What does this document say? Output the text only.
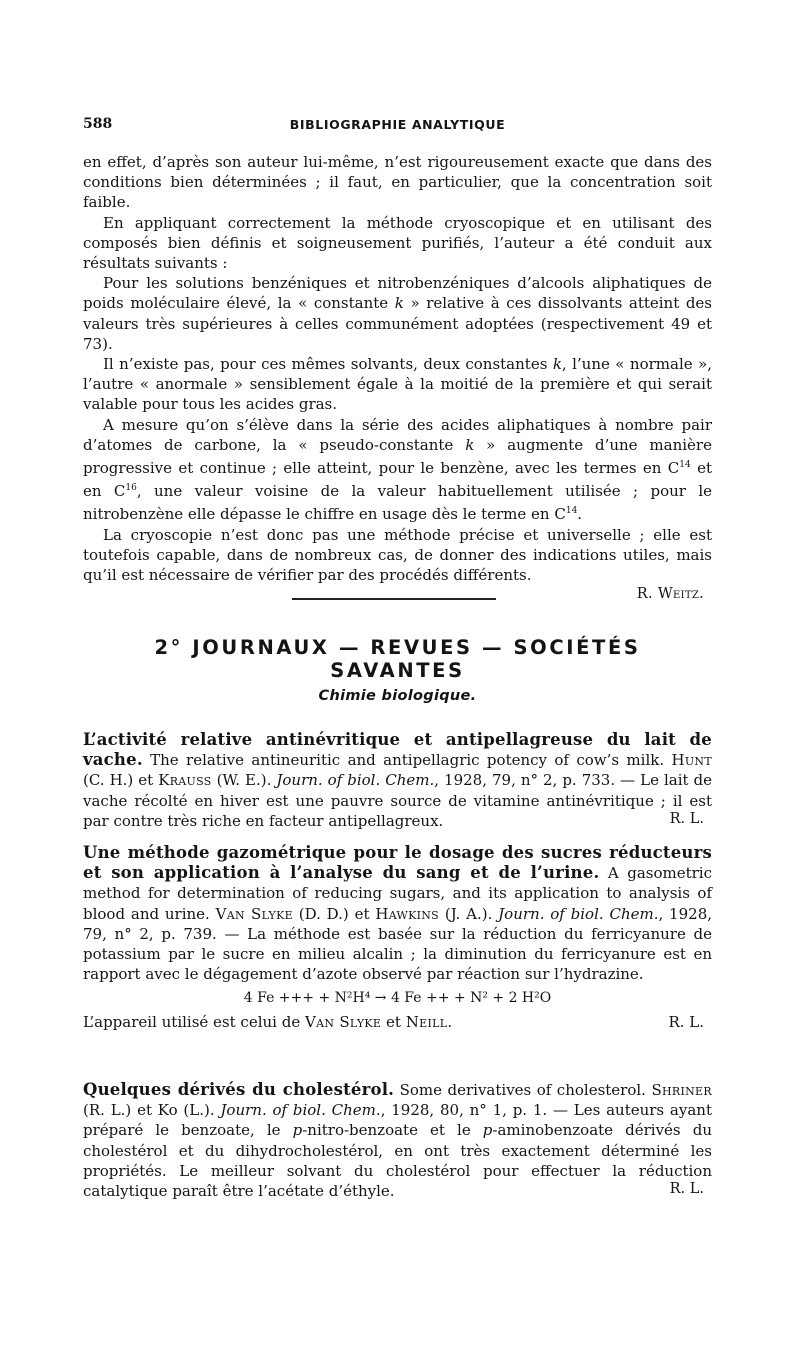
588	BIBLIOGRAPHIE ANALYTIQUE

en effet, d’après son auteur lui-même, n’est rigoureusement exacte que dans des conditions bien déterminées ; il faut, en particulier, que la concentration soit faible.

En appliquant correctement la méthode cryoscopique et en utilisant des composés bien définis et soigneusement purifiés, l’auteur a été conduit aux résultats suivants :

Pour les solutions benzéniques et nitrobenzéniques d’alcools aliphatiques de poids moléculaire élevé, la « constante k » relative à ces dissolvants atteint des valeurs très supérieures à celles communément adoptées (respectivement 49 et 73).

Il n’existe pas, pour ces mêmes solvants, deux constantes k, l’une « normale », l’autre « anormale » sensiblement égale à la moitié de la première et qui serait valable pour tous les acides gras.

A mesure qu’on s’élève dans la série des acides aliphatiques à nombre pair d’atomes de carbone, la « pseudo-constante k » augmente d’une manière progressive et continue ; elle atteint, pour le benzène, avec les termes en $C^{14}$ et en $C^{16}$, une valeur voisine de la valeur habituellement utilisée ; pour le nitrobenzène elle dépasse le chiffre en usage dès le terme en $C^{14}$.

La cryoscopie n’est donc pas une méthode précise et universelle ; elle est toutefois capable, dans de nombreux cas, de donner des indications utiles, mais qu’il est nécessaire de vérifier par des procédés différents.

R. Weitz.
2° JOURNAUX — REVUES — SOCIÉTÉS SAVANTES
Chimie biologique.

L’activité relative antinévritique et antipellagreuse du lait de vache. The relative antineuritic and antipellagric potency of cow’s milk. Hunt (C. H.) et Krauss (W. E.). Journ. of biol. Chem., 1928, 79, n° 2, p. 733. — Le lait de vache récolté en hiver est une pauvre source de vitamine antinévritique ; il est par contre très riche en facteur antipellagreux.	R. L.

Une méthode gazométrique pour le dosage des sucres réducteurs et son application à l’analyse du sang et de l’urine. A gasometric method for determination of reducing sugars, and its application to analysis of blood and urine. Van Slyke (D. D.) et Hawkins (J. A.). Journ. of biol. Chem., 1928, 79, n° 2, p. 739. — La méthode est basée sur la réduction du ferricyanure de potassium par le sucre en milieu alcalin ; la diminution du ferricyanure est en rapport avec le dégagement d’azote observé par réaction sur l’hydrazine.

4 Fe +++ + N²H⁴ → 4 Fe ++ + N² + 2 H²O
L’appareil utilisé est celui de Van Slyke et Neill.	R. L.

Quelques dérivés du cholestérol. Some derivatives of cholesterol. Shriner (R. L.) et Ko (L.). Journ. of biol. Chem., 1928, 80, n° 1, p. 1. — Les auteurs ayant préparé le benzoate, le p-nitro-benzoate et le p-aminobenzoate dérivés du cholestérol et du dihydrocholestérol, en ont très exactement déterminé les propriétés. Le meilleur solvant du cholestérol pour effectuer la réduction catalytique paraît être l’acétate d’éthyle.	R. L.
